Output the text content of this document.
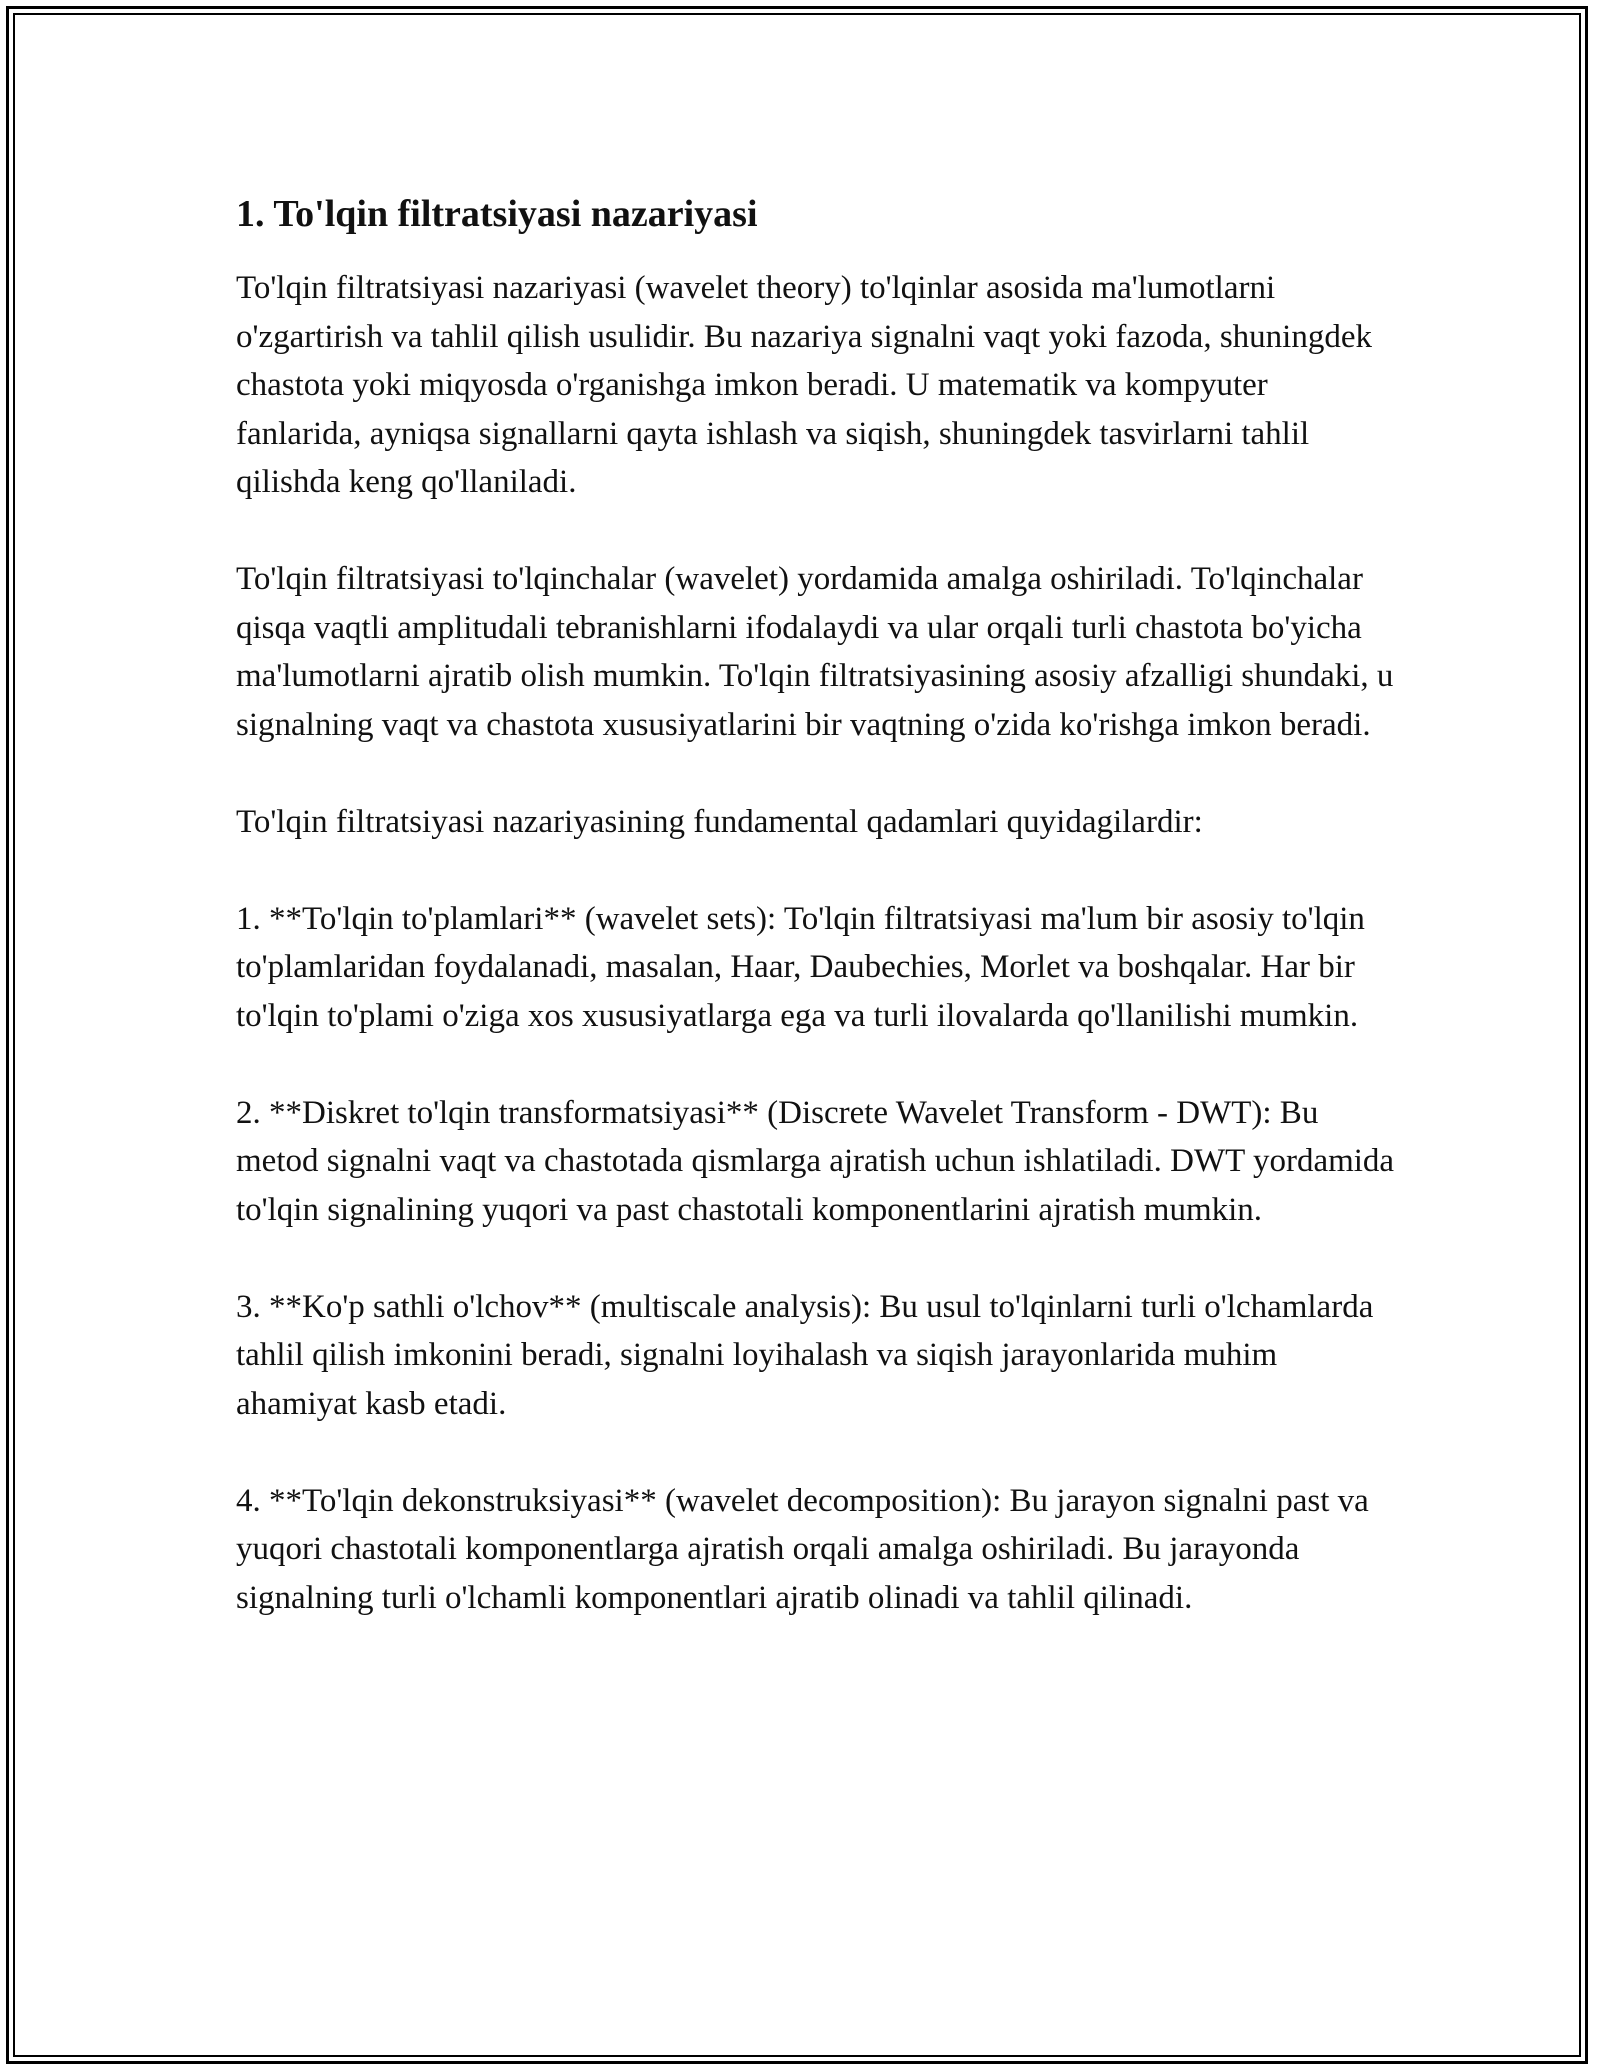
1. To'lqin filtratsiyasi nazariyasi

To'lqin filtratsiyasi nazariyasi (wavelet theory) to'lqinlar asosida ma'lumotlarni o'zgartirish va tahlil qilish usulidir. Bu nazariya signalni vaqt yoki fazoda, shuningdek chastota yoki miqyosda o'rganishga imkon beradi. U matematik va kompyuter fanlarida, ayniqsa signallarni qayta ishlash va siqish, shuningdek tasvirlarni tahlil qilishda keng qo'llaniladi.

To'lqin filtratsiyasi to'lqinchalar (wavelet) yordamida amalga oshiriladi. To'lqinchalar qisqa vaqtli amplitudali tebranishlarni ifodalaydi va ular orqali turli chastota bo'yicha ma'lumotlarni ajratib olish mumkin. To'lqin filtratsiyasining asosiy afzalligi shundaki, u signalning vaqt va chastota xususiyatlarini bir vaqtning o'zida ko'rishga imkon beradi.

To'lqin filtratsiyasi nazariyasining fundamental qadamlari quyidagilardir:

1. **To'lqin to'plamlari** (wavelet sets): To'lqin filtratsiyasi ma'lum bir asosiy to'lqin to'plamlaridan foydalanadi, masalan, Haar, Daubechies, Morlet va boshqalar. Har bir to'lqin to'plami o'ziga xos xususiyatlarga ega va turli ilovalarda qo'llanilishi mumkin.

2. **Diskret to'lqin transformatsiyasi** (Discrete Wavelet Transform - DWT): Bu metod signalni vaqt va chastotada qismlarga ajratish uchun ishlatiladi. DWT yordamida to'lqin signalining yuqori va past chastotali komponentlarini ajratish mumkin.

3. **Ko'p sathli o'lchov** (multiscale analysis): Bu usul to'lqinlarni turli o'lchamlarda tahlil qilish imkonini beradi, signalni loyihalash va siqish jarayonlarida muhim ahamiyat kasb etadi.

4. **To'lqin dekonstruksiyasi** (wavelet decomposition): Bu jarayon signalni past va yuqori chastotali komponentlarga ajratish orqali amalga oshiriladi. Bu jarayonda signalning turli o'lchamli komponentlari ajratib olinadi va tahlil qilinadi.
